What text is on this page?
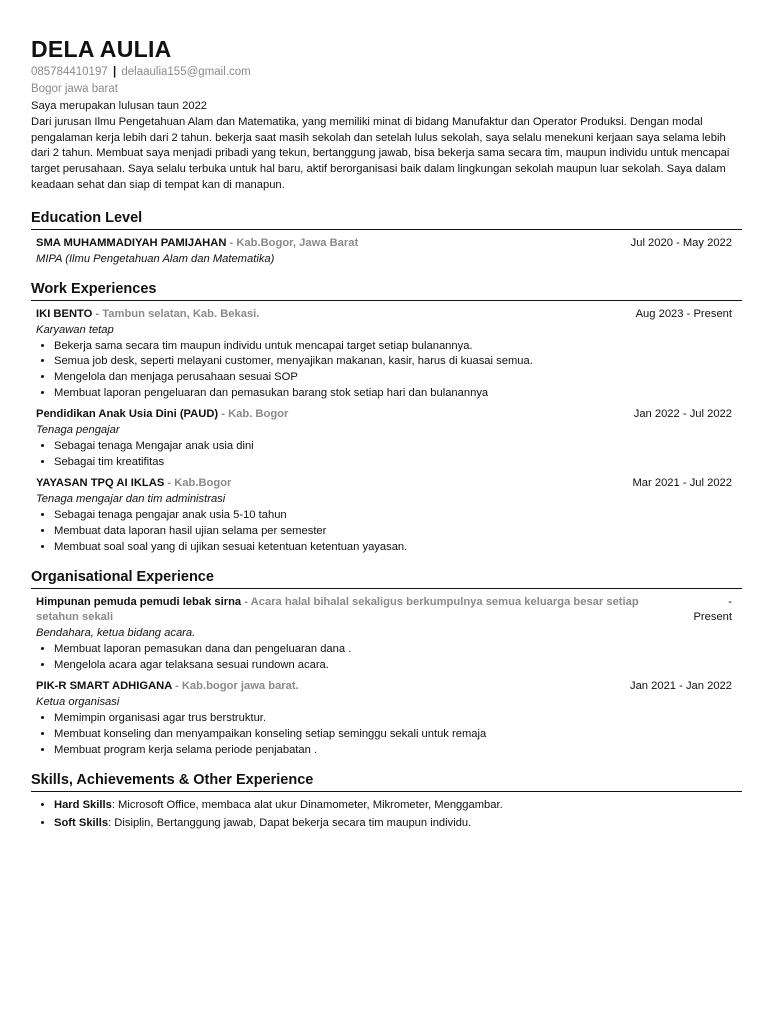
DELA AULIA
085784410197 | delaaulia155@gmail.com
Bogor jawa barat

Saya merupakan lulusan taun 2022

Dari jurusan Ilmu Pengetahuan Alam dan Matematika, yang memiliki minat di bidang Manufaktur dan Operator Produksi. Dengan modal pengalaman kerja lebih dari 2 tahun. bekerja saat masih sekolah dan setelah lulus sekolah, saya selalu menekuni kerjaan saya selama lebih dari 2 tahun. Membuat saya menjadi pribadi yang tekun, bertanggung jawab, bisa bekerja sama secara tim, maupun individu untuk mencapai target perusahaan. Saya selalu terbuka untuk hal baru, aktif berorganisasi baik dalam lingkungan sekolah maupun luar sekolah. Saya dalam keadaan sehat dan siap di tempat kan di manapun.

Education Level
SMA MUHAMMADIYAH PAMIJAHAN - Kab.Bogor, Jawa Barat	Jul 2020 - May 2022
MIPA (Ilmu Pengetahuan Alam dan Matematika)
Work Experiences
IKI BENTO - Tambun selatan, Kab. Bekasi.	Aug 2023 - Present
Karyawan tetap
• Bekerja sama secara tim maupun individu untuk mencapai target setiap bulanannya.
• Semua job desk, seperti melayani customer, menyajikan makanan, kasir, harus di kuasai semua.
• Mengelola dan menjaga perusahaan sesuai SOP
• Membuat laporan pengeluaran dan pemasukan barang stok setiap hari dan bulanannya
Pendidikan Anak Usia Dini (PAUD) - Kab. Bogor	Jan 2022 - Jul 2022
Tenaga pengajar
• Sebagai tenaga Mengajar anak usia dini
• Sebagai tim kreatifitas
YAYASAN TPQ AI IKLAS - Kab.Bogor	Mar 2021 - Jul 2022
Tenaga mengajar dan tim administrasi
• Sebagai tenaga pengajar anak usia 5-10 tahun
• Membuat data laporan hasil ujian selama per semester
• Membuat soal soal yang di ujikan sesuai ketentuan ketentuan yayasan.
Organisational Experience
Himpunan pemuda pemudi lebak sirna - Acara halal bihalal sekaligus berkumpulnya semua keluarga besar setiap setahun sekali
-
Present
Bendahara, ketua bidang acara.
• Membuat laporan pemasukan dana dan pengeluaran dana .
• Mengelola acara agar telaksana sesuai rundown acara.
PIK-R SMART ADHIGANA - Kab.bogor jawa barat.	Jan 2021 - Jan 2022
Ketua organisasi
• Memimpin organisasi agar trus berstruktur.
• Membuat konseling dan menyampaikan konseling setiap seminggu sekali untuk remaja
• Membuat program kerja selama periode penjabatan .
Skills, Achievements & Other Experience
• Hard Skills: Microsoft Office, membaca alat ukur Dinamometer, Mikrometer, Menggambar.
• Soft Skills: Disiplin, Bertanggung jawab, Dapat bekerja secara tim maupun individu.
